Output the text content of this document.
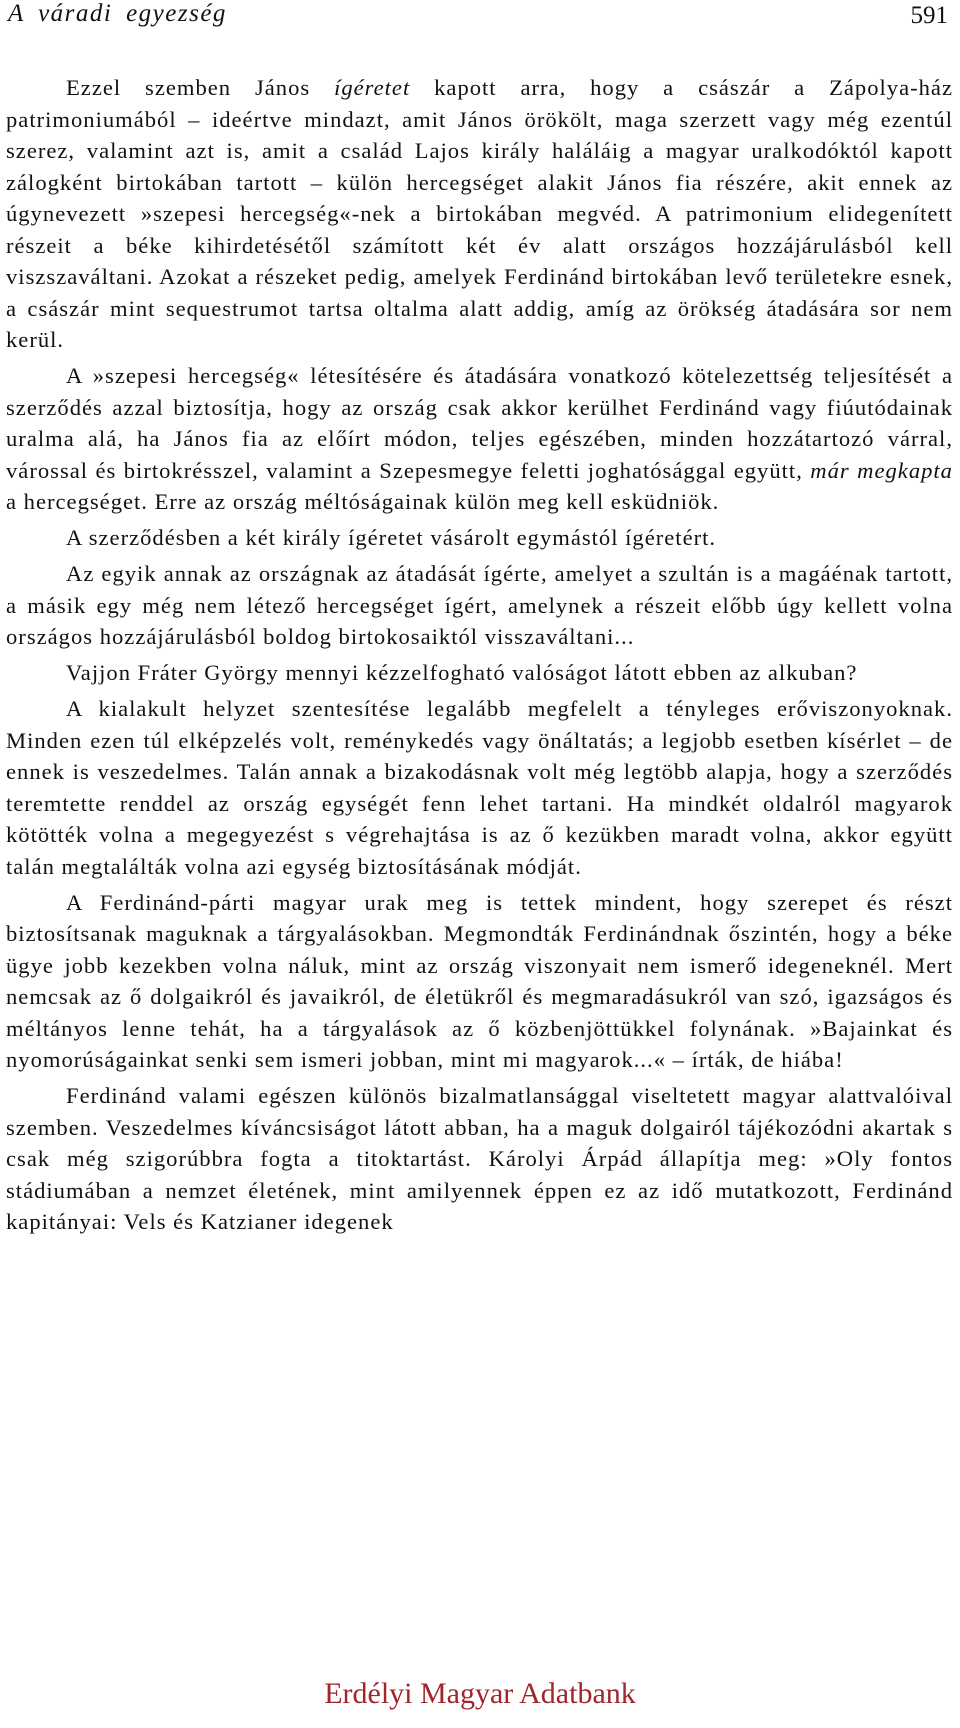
A váradi egyezség	591

Ezzel szemben János ígéretet kapott arra, hogy a császár a Zápolya-ház patrimoniumából – ideértve mindazt, amit János örökölt, maga szerzett vagy még ezentúl szerez, valamint azt is, amit a család Lajos király haláláig a magyar uralkodóktól kapott zálogként birtokában tartott – külön hercegséget alakit János fia részére, akit ennek az úgynevezett »szepesi hercegség«-nek a birtokában megvéd. A patrimonium elidegenített részeit a béke kihirdetésétől számított két év alatt országos hozzájárulásból kell viszszaváltani. Azokat a részeket pedig, amelyek Ferdinánd birtokában levő területekre esnek, a császár mint sequestrumot tartsa oltalma alatt addig, amíg az örökség átadására sor nem kerül.

A »szepesi hercegség« létesítésére és átadására vonatkozó kötelezettség teljesítését a szerződés azzal biztosítja, hogy az ország csak akkor kerülhet Ferdinánd vagy fiúutódainak uralma alá, ha János fia az előírt módon, teljes egészében, minden hozzátartozó várral, várossal és birtokrésszel, valamint a Szepesmegye feletti joghatósággal együtt, már megkapta a hercegséget. Erre az ország méltóságainak külön meg kell esküdniök.

A szerződésben a két király ígéretet vásárolt egymástól ígéretért.

Az egyik annak az országnak az átadását ígérte, amelyet a szultán is a magáénak tartott, a másik egy még nem létező hercegséget ígért, amelynek a részeit előbb úgy kellett volna országos hozzájárulásból boldog birtokosaiktól visszaváltani...

Vajjon Fráter György mennyi kézzelfogható valóságot látott ebben az alkuban?

A kialakult helyzet szentesítése legalább megfelelt a tényleges erőviszonyoknak. Minden ezen túl elképzelés volt, reménykedés vagy önáltatás; a legjobb esetben kísérlet – de ennek is veszedelmes. Talán annak a bizakodásnak volt még legtöbb alapja, hogy a szerződés teremtette renddel az ország egységét fenn lehet tartani. Ha mindkét oldalról magyarok kötötték volna a megegyezést s végrehajtása is az ő kezükben maradt volna, akkor együtt talán megtalálták volna azi egység biztosításának módját.

A Ferdinánd-párti magyar urak meg is tettek mindent, hogy szerepet és részt biztosítsanak maguknak a tárgyalásokban. Megmondták Ferdinándnak őszintén, hogy a béke ügye jobb kezekben volna náluk, mint az ország viszonyait nem ismerő idegeneknél. Mert nemcsak az ő dolgaikról és javaikról, de életükről és megmaradásukról van szó, igazságos és méltányos lenne tehát, ha a tárgyalások az ő közbenjöttükkel folynának. »Bajainkat és nyomorúságainkat senki sem ismeri jobban, mint mi magyarok...« – írták, de hiába!

Ferdinánd valami egészen különös bizalmatlansággal viseltetett magyar alattvalóival szemben. Veszedelmes kíváncsiságot látott abban, ha a maguk dolgairól tájékozódni akartak s csak még szigorúbbra fogta a titoktartást. Károlyi Árpád állapítja meg: »Oly fontos stádiumában a nemzet életének, mint amilyennek éppen ez az idő mutatkozott, Ferdinánd kapitányai: Vels és Katzianer idegenek

Erdélyi Magyar Adatbank
